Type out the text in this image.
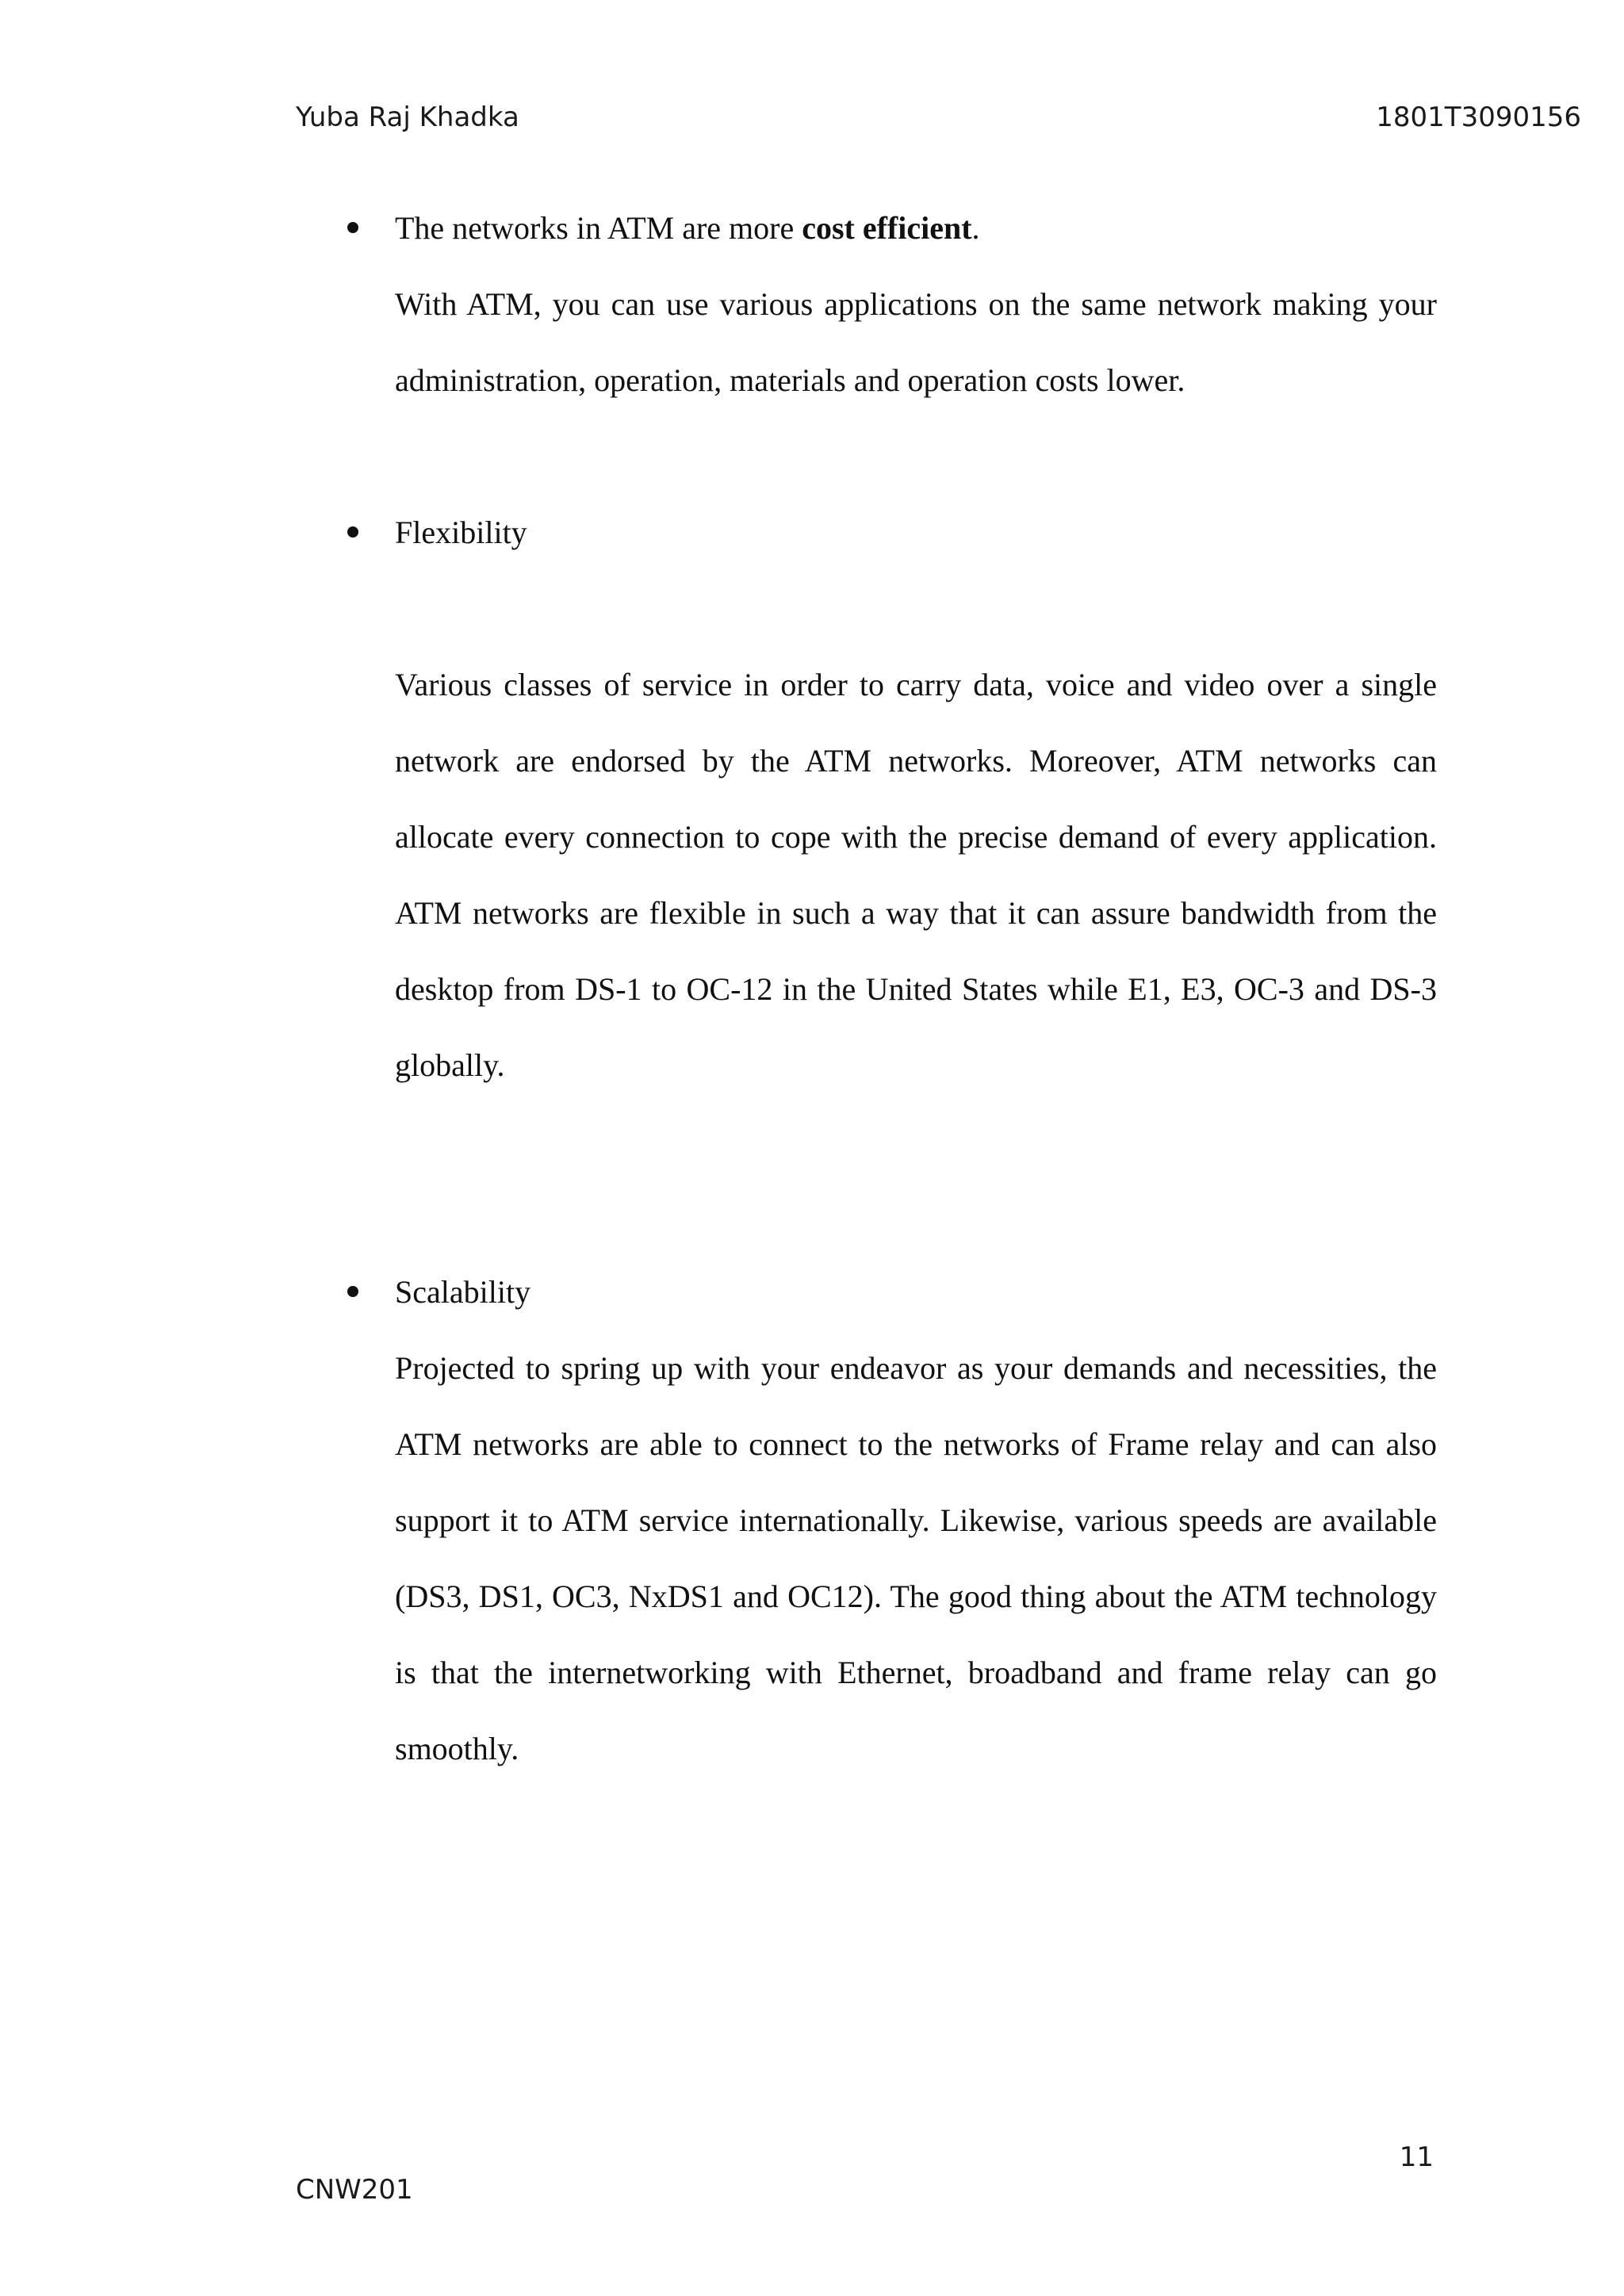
Yuba Raj Khadka	1801T3090156
The networks in ATM are more cost efficient.

With ATM, you can use various applications on the same network making your administration, operation, materials and operation costs lower.

Flexibility

Various classes of service in order to carry data, voice and video over a single network are endorsed by the ATM networks. Moreover, ATM networks can allocate every connection to cope with the precise demand of every application. ATM networks are flexible in such a way that it can assure bandwidth from the desktop from DS-1 to OC-12 in the United States while E1, E3, OC-3 and DS-3 globally.

Scalability

Projected to spring up with your endeavor as your demands and necessities, the ATM networks are able to connect to the networks of Frame relay and can also support it to ATM service internationally. Likewise, various speeds are available (DS3, DS1, OC3, NxDS1 and OC12). The good thing about the ATM technology is that the internetworking with Ethernet, broadband and frame relay can go smoothly.

11
CNW201
